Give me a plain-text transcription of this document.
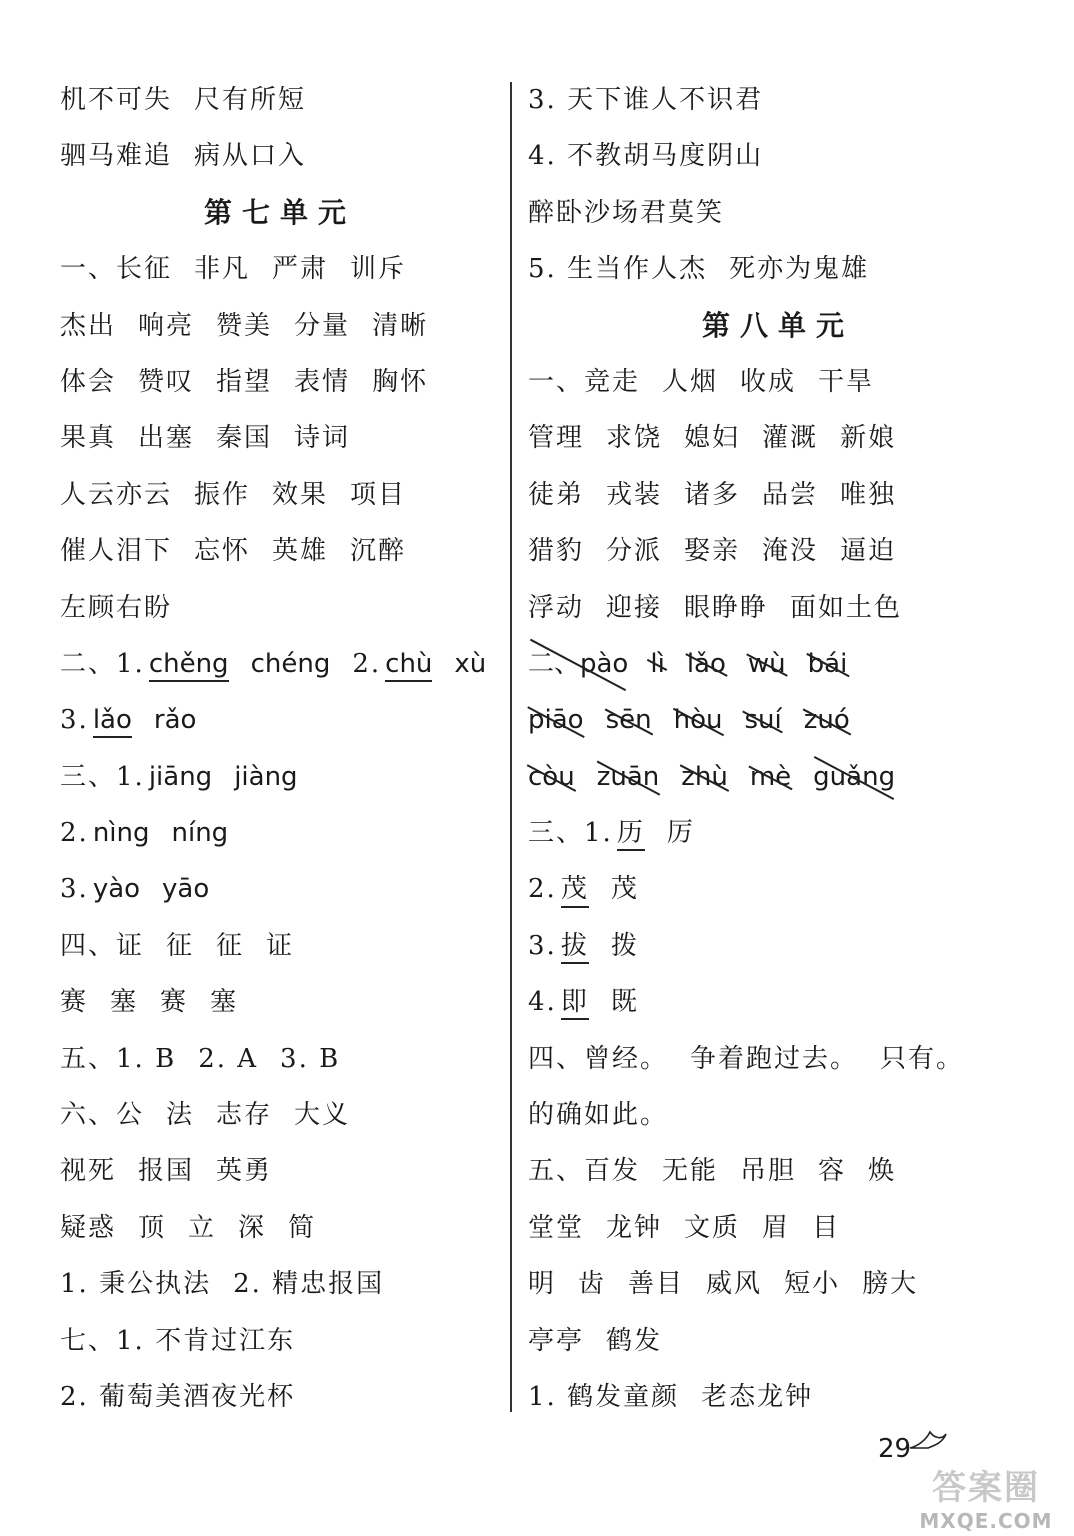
机不可失 尺有所短
驷马难追 病从口入
第七单元
一、长征 非凡 严肃 训斥
杰出 响亮 赞美 分量 清晰
体会 赞叹 指望 表情 胸怀
果真 出塞 秦国 诗词
人云亦云 振作 效果 项目
催人泪下 忘怀 英雄 沉醉
左顾右盼
二、1. chěng chéng 2. chù xù
3. lǎo rǎo
三、1. jiāng jiàng
2. nìng níng
3. yào yāo
四、证 征 征 证
赛 塞 赛 塞
五、1. B 2. A 3. B
六、公 法 志存 大义
视死 报国 英勇
疑惑 顶 立 深 简
1. 秉公执法 2. 精忠报国
七、1. 不肯过江东
2. 葡萄美酒夜光杯
3. 天下谁人不识君
4. 不教胡马度阴山
醉卧沙场君莫笑
5. 生当作人杰 死亦为鬼雄
第八单元
一、竞走 人烟 收成 干旱
管理 求饶 媳妇 灌溉 新娘
徒弟 戎装 诸多 品尝 唯独
猎豹 分派 娶亲 淹没 逼迫
浮动 迎接 眼睁睁 面如土色
二、pào lì lǎo wù bái
piāo sēn hòu suí zuó
còu zuān zhù mè guǎng
三、1. 历 厉
2. 茂 茂
3. 拔 拨
4. 即 既
四、曾经。 争着跑过去。 只有。
的确如此。
五、百发 无能 吊胆 容 焕
堂堂 龙钟 文质 眉 目
明 齿 善目 威风 短小 膀大
亭亭 鹤发
1. 鹤发童颜 老态龙钟
29
答案圈
MXQE.COM
